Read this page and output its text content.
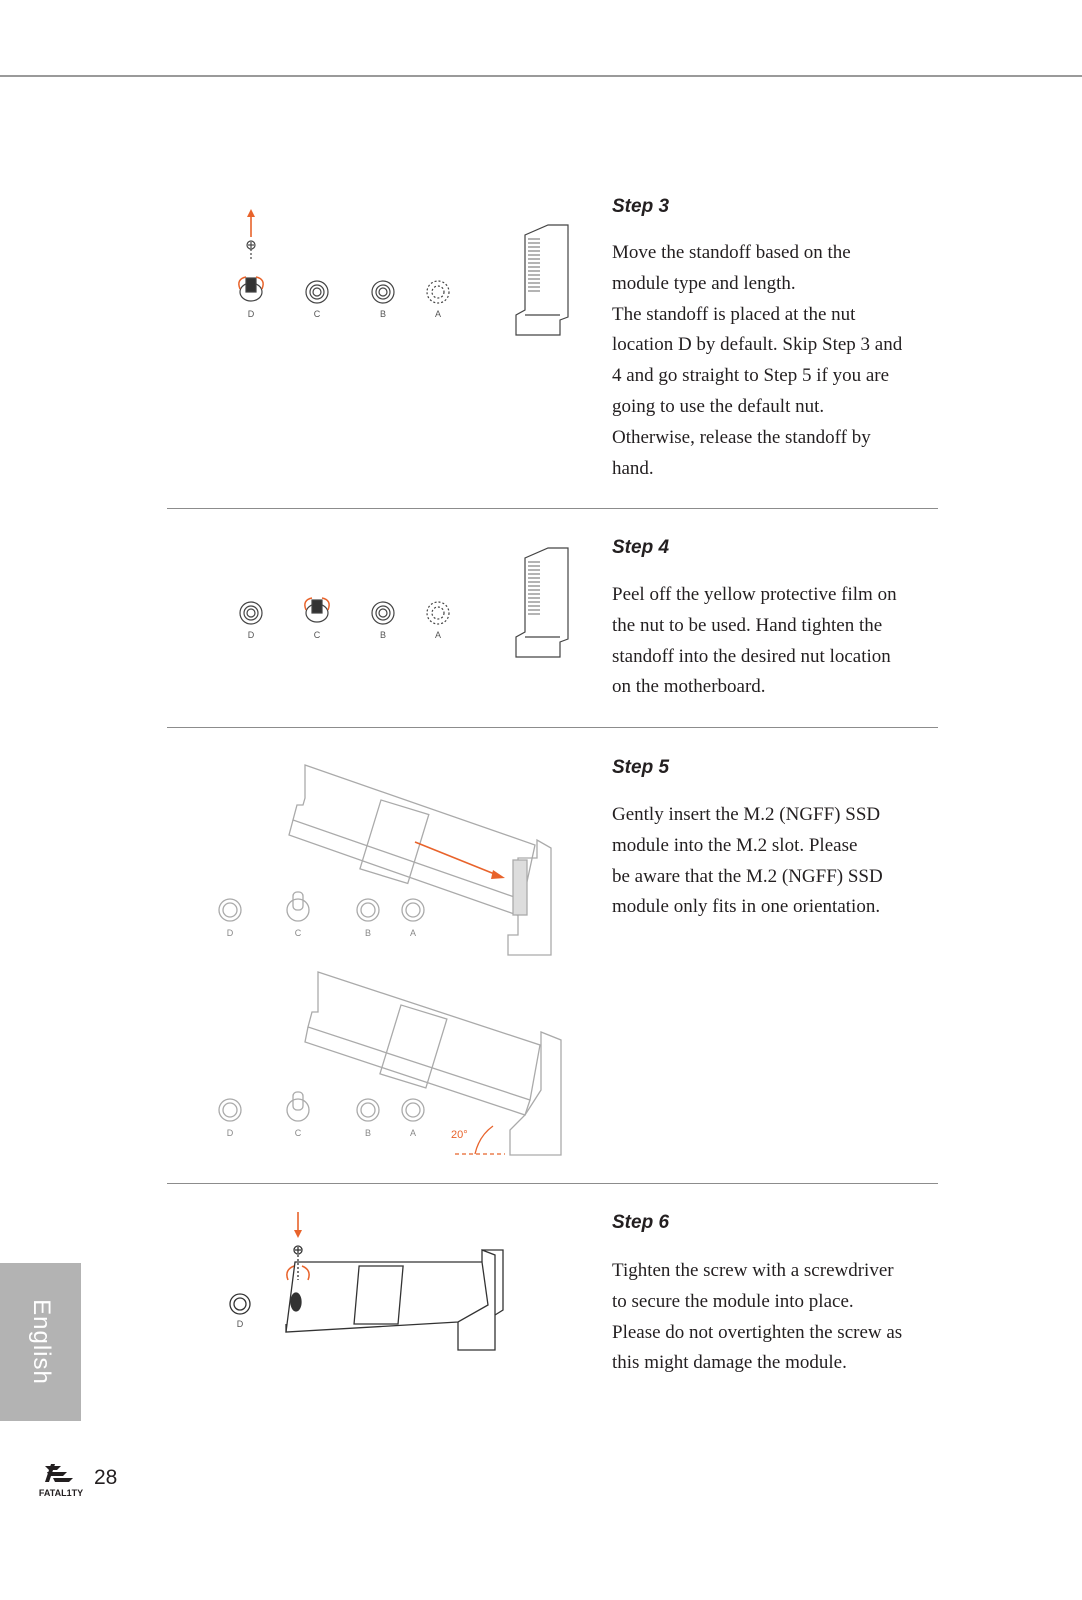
D	C	B	A
Step 3
Move the standoff based on the
module type and length.
The standoff is placed at the nut
location D by default. Skip Step 3 and
4 and go straight to Step 5 if you are
going to use the default nut.
Otherwise, release the standoff by
hand.
D	C	B	A
Step 4
Peel off the yellow protective film on
the nut to be used. Hand tighten the
standoff into the desired nut location
on the motherboard.
20°
D	C	B	A
D	C	B	A
Step 5
Gently insert the M.2 (NGFF) SSD
module into the M.2 slot. Please
be aware that the M.2 (NGFF) SSD
module only fits in one orientation.
D
Step 6
Tighten the screw with a screwdriver
to secure the module into place.
Please do not overtighten the screw as
this might damage the module.
English
FATAL1TY
28
